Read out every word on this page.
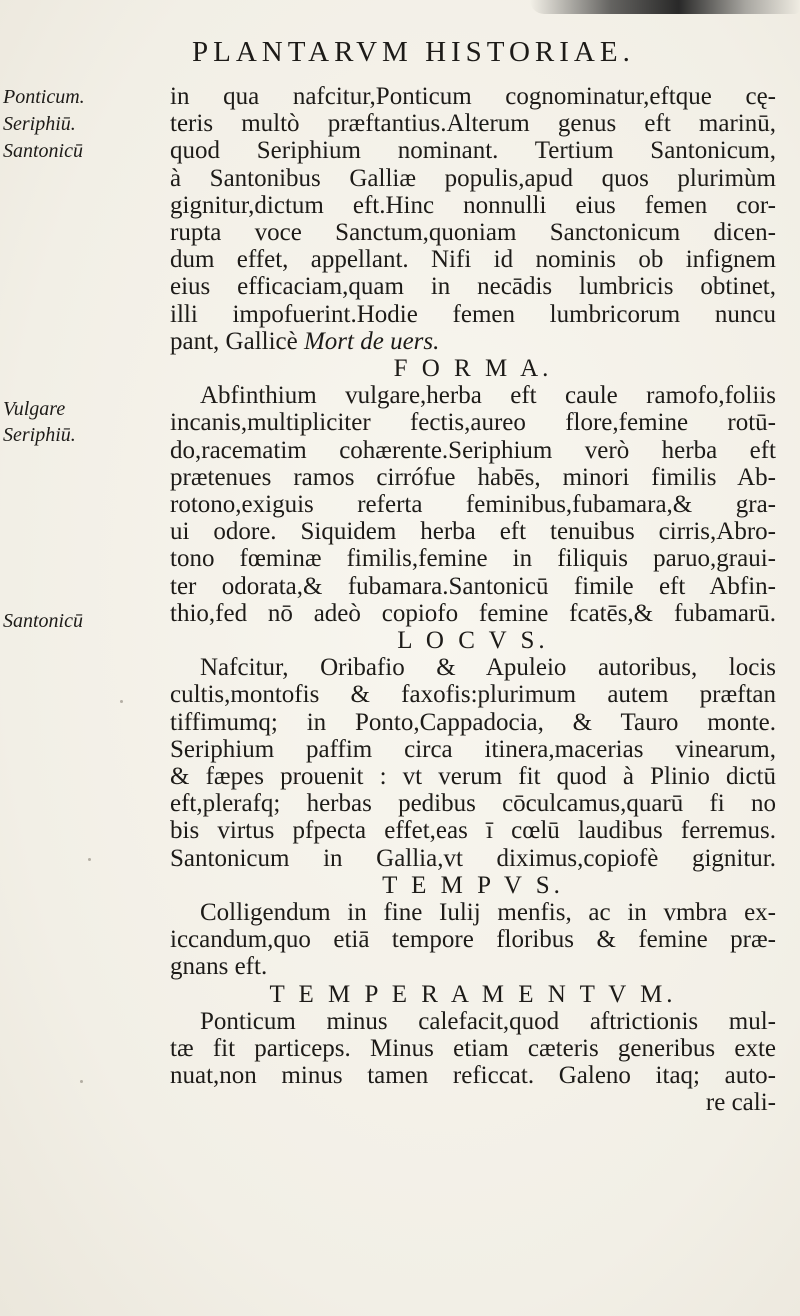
PLANTARVM HISTORIAE.
Ponticum.
Seriphiū.
Santonicū
Vulgare
Seriphiū.
Santonicū
in qua nafcitur,Ponticum cognominatur,eftque cę-
teris multò præftantius.Alterum genus eft marinū,
quod Seriphium nominant. Tertium Santonicum,
à Santonibus Galliæ populis,apud quos plurimùm
gignitur,dictum eft.Hinc nonnulli eius femen cor-
rupta voce Sanctum,quoniam Sanctonicum dicen-
dum effet, appellant. Nifi id nominis ob infignem
eius efficaciam,quam in necādis lumbricis obtinet,
illi impofuerint.Hodie femen lumbricorum nuncu
pant, Gallicè Mort de uers.
F O R M A.
Abfinthium vulgare,herba eft caule ramofo,foliis
incanis,multipliciter fectis,aureo flore,femine rotū-
do,racematim cohærente.Seriphium verò herba eft
prætenues ramos cirrófue habēs, minori fimilis Ab-
rotono,exiguis referta feminibus,fubamara,& gra-
ui odore. Siquidem herba eft tenuibus cirris,Abro-
tono fœminæ fimilis,femine in filiquis paruo,graui-
ter odorata,& fubamara.Santonicū fimile eft Abfin-
thio,fed nō adeò copiofo femine fcatēs,& fubamarū.
L O C V S.
Nafcitur, Oribafio & Apuleio autoribus, locis
cultis,montofis & faxofis:plurimum autem præftan
tiffimumq; in Ponto,Cappadocia, & Tauro monte.
Seriphium paffim circa itinera,macerias vinearum,
& fæpes prouenit : vt verum fit quod à Plinio dictū
eft,plerafq; herbas pedibus cōculcamus,quarū fi no
bis virtus pfpecta effet,eas ī cœlū laudibus ferremus.
Santonicum in Gallia,vt diximus,copiofè gignitur.
T E M P V S.
Colligendum in fine Iulij menfis, ac in vmbra ex-
iccandum,quo etiā tempore floribus & femine præ-
gnans eft.
T E M P E R A M E N T V M.
Ponticum minus calefacit,quod aftrictionis mul-
tæ fit particeps. Minus etiam cæteris generibus exte
nuat,non minus tamen reficcat. Galeno itaq; auto-
re cali-
